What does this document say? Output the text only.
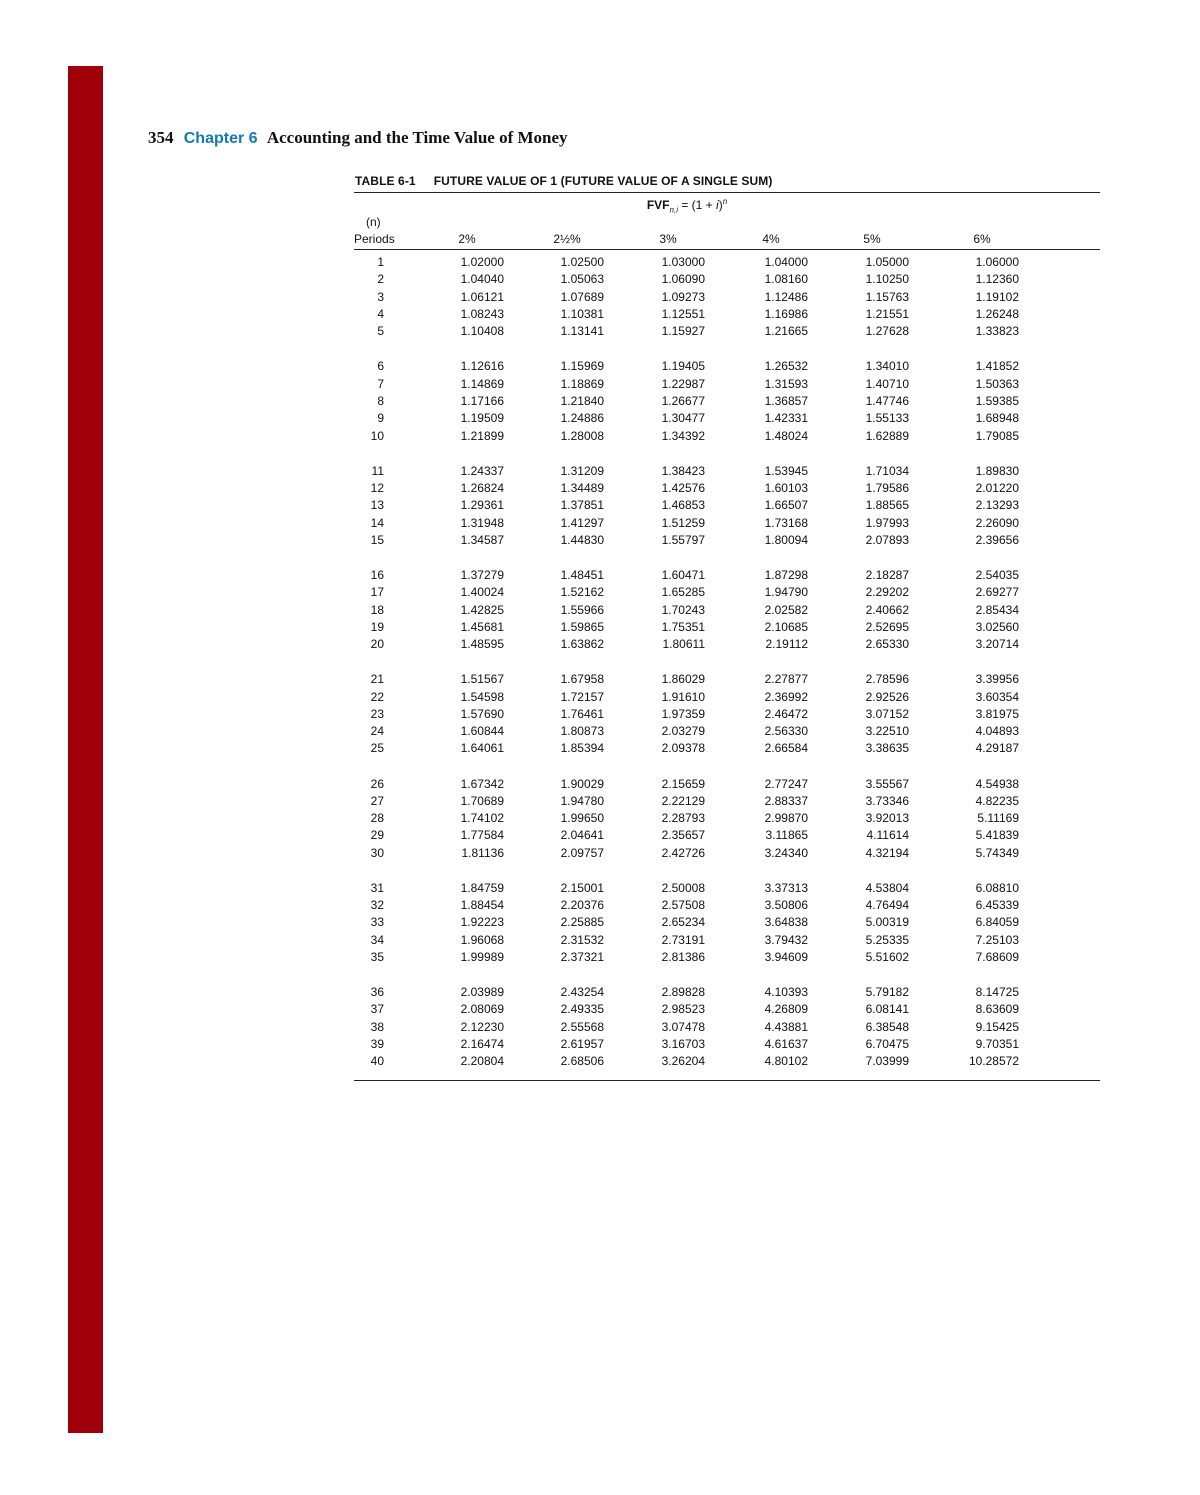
354 Chapter 6 Accounting and the Time Value of Money
TABLE 6-1 FUTURE VALUE OF 1 (FUTURE VALUE OF A SINGLE SUM)
$FVF_{n,i} = (1 + i)^n$
(n)
Periods	2%	2½%	3%	4%	5%	6%
1	1.02000	1.02500	1.03000	1.04000	1.05000	1.06000
2	1.04040	1.05063	1.06090	1.08160	1.10250	1.12360
3	1.06121	1.07689	1.09273	1.12486	1.15763	1.19102
4	1.08243	1.10381	1.12551	1.16986	1.21551	1.26248
5	1.10408	1.13141	1.15927	1.21665	1.27628	1.33823
6	1.12616	1.15969	1.19405	1.26532	1.34010	1.41852
7	1.14869	1.18869	1.22987	1.31593	1.40710	1.50363
8	1.17166	1.21840	1.26677	1.36857	1.47746	1.59385
9	1.19509	1.24886	1.30477	1.42331	1.55133	1.68948
10	1.21899	1.28008	1.34392	1.48024	1.62889	1.79085
11	1.24337	1.31209	1.38423	1.53945	1.71034	1.89830
12	1.26824	1.34489	1.42576	1.60103	1.79586	2.01220
13	1.29361	1.37851	1.46853	1.66507	1.88565	2.13293
14	1.31948	1.41297	1.51259	1.73168	1.97993	2.26090
15	1.34587	1.44830	1.55797	1.80094	2.07893	2.39656
16	1.37279	1.48451	1.60471	1.87298	2.18287	2.54035
17	1.40024	1.52162	1.65285	1.94790	2.29202	2.69277
18	1.42825	1.55966	1.70243	2.02582	2.40662	2.85434
19	1.45681	1.59865	1.75351	2.10685	2.52695	3.02560
20	1.48595	1.63862	1.80611	2.19112	2.65330	3.20714
21	1.51567	1.67958	1.86029	2.27877	2.78596	3.39956
22	1.54598	1.72157	1.91610	2.36992	2.92526	3.60354
23	1.57690	1.76461	1.97359	2.46472	3.07152	3.81975
24	1.60844	1.80873	2.03279	2.56330	3.22510	4.04893
25	1.64061	1.85394	2.09378	2.66584	3.38635	4.29187
26	1.67342	1.90029	2.15659	2.77247	3.55567	4.54938
27	1.70689	1.94780	2.22129	2.88337	3.73346	4.82235
28	1.74102	1.99650	2.28793	2.99870	3.92013	5.11169
29	1.77584	2.04641	2.35657	3.11865	4.11614	5.41839
30	1.81136	2.09757	2.42726	3.24340	4.32194	5.74349
31	1.84759	2.15001	2.50008	3.37313	4.53804	6.08810
32	1.88454	2.20376	2.57508	3.50806	4.76494	6.45339
33	1.92223	2.25885	2.65234	3.64838	5.00319	6.84059
34	1.96068	2.31532	2.73191	3.79432	5.25335	7.25103
35	1.99989	2.37321	2.81386	3.94609	5.51602	7.68609
36	2.03989	2.43254	2.89828	4.10393	5.79182	8.14725
37	2.08069	2.49335	2.98523	4.26809	6.08141	8.63609
38	2.12230	2.55568	3.07478	4.43881	6.38548	9.15425
39	2.16474	2.61957	3.16703	4.61637	6.70475	9.70351
40	2.20804	2.68506	3.26204	4.80102	7.03999	10.28572
